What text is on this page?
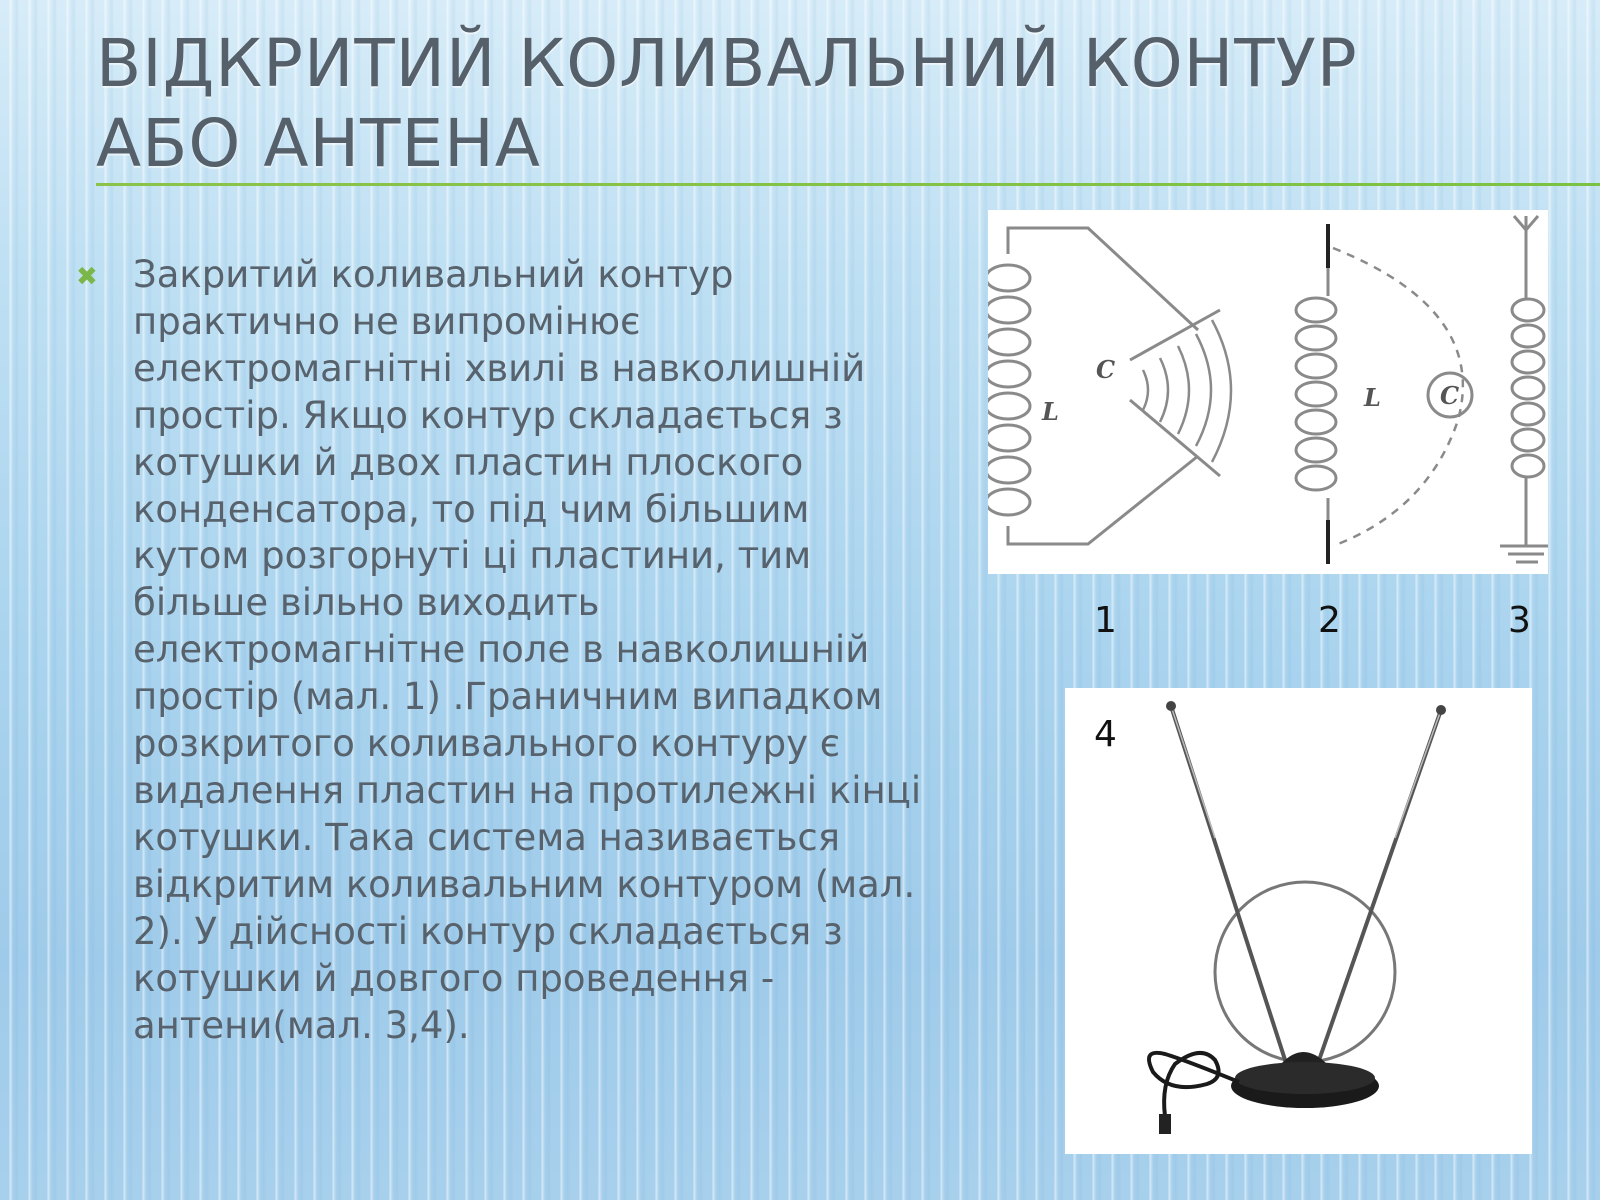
ВІДКРИТИЙ КОЛИВАЛЬНИЙ КОНТУР АБО АНТЕНА
✖ Закритий коливальний контур практично не випромінює електромагнітні хвилі в навколишній простір. Якщо контур складається з котушки й двох пластин плоского конденсатора, то під чим більшим кутом розгорнуті ці пластини, тим більше вільно виходить електромагнітне поле в навколишній простір (мал. 1) .Граничним випадком розкритого коливального контуру є видалення пластин на протилежні кінці котушки. Така система називається відкритим коливальним контуром (мал. 2). У дійсності контур складається з котушки й довгого проведення - антени(мал. 3,4).

L
C
L C
1	2	3
4
